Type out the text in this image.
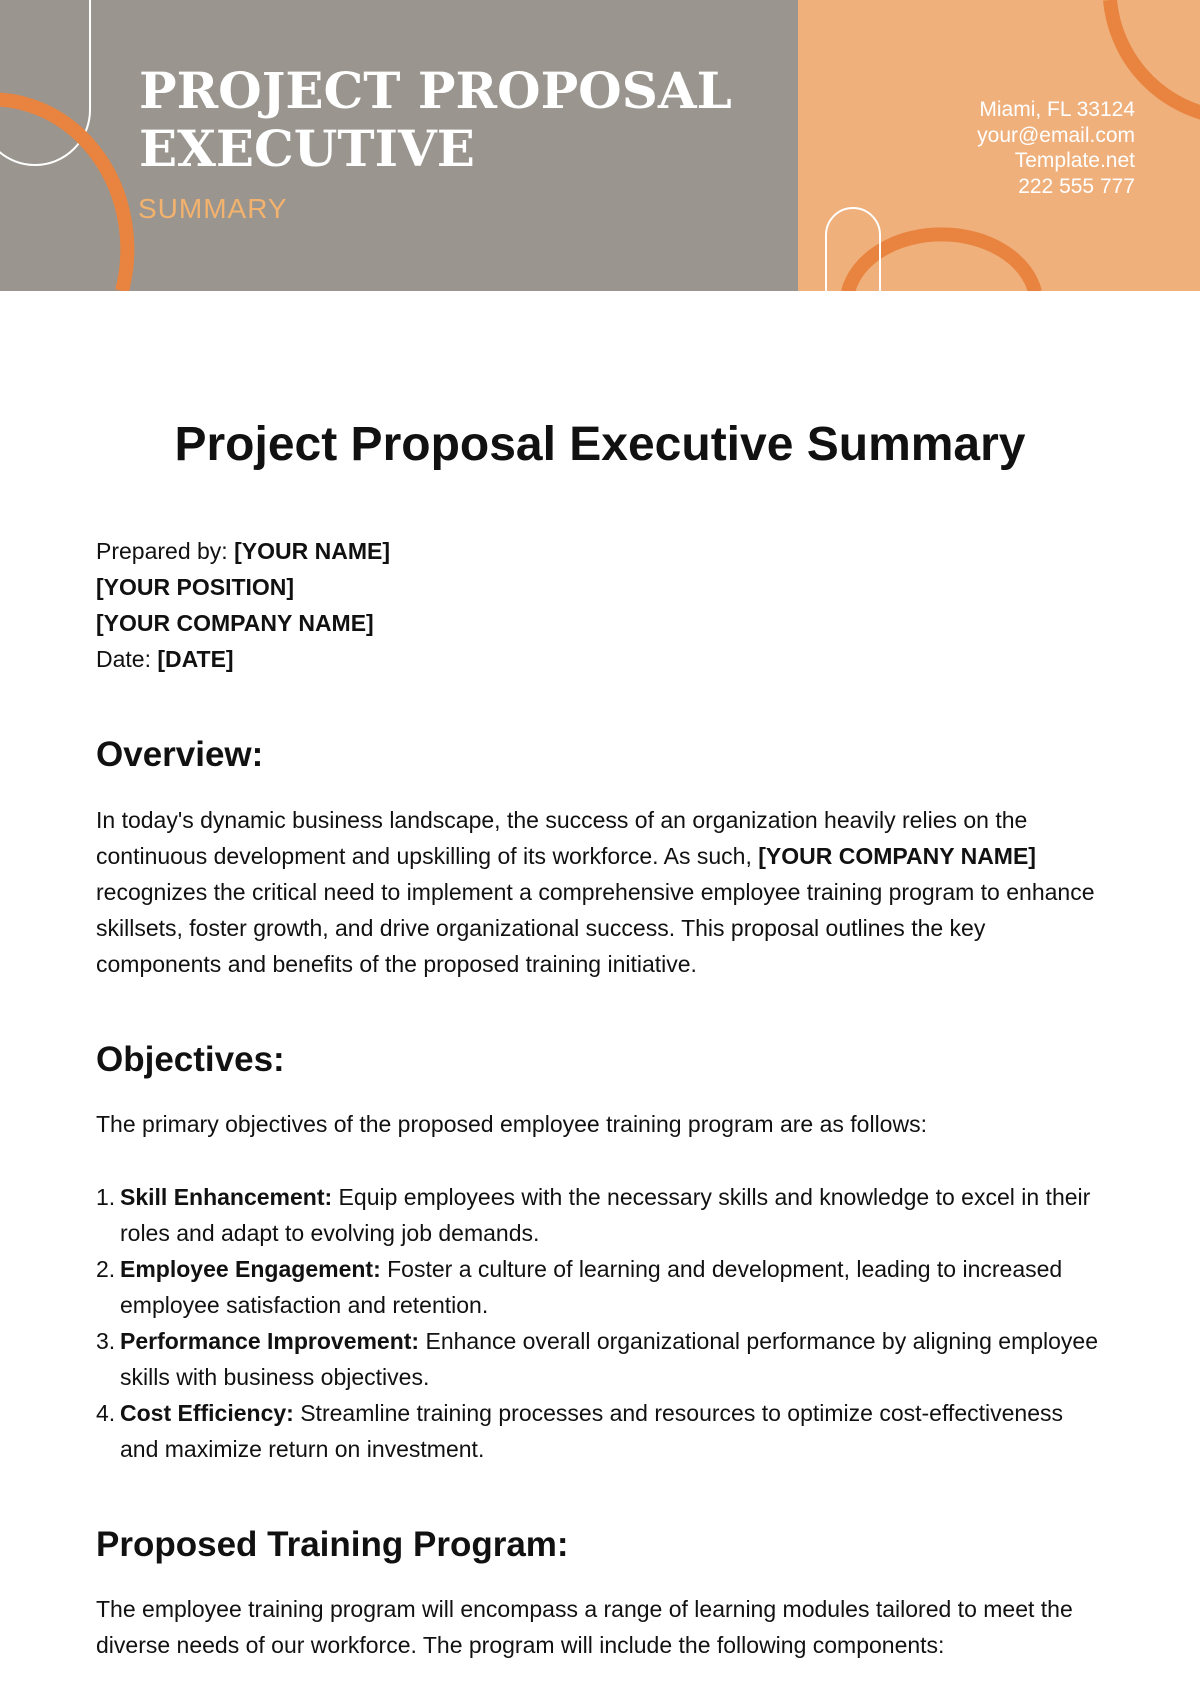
PROJECT PROPOSAL
EXECUTIVE
SUMMARY
Miami, FL 33124
your@email.com
Template.net
222 555 777
Project Proposal Executive Summary
Prepared by: [YOUR NAME]
[YOUR POSITION]
[YOUR COMPANY NAME]
Date: [DATE]
Overview:

In today's dynamic business landscape, the success of an organization heavily relies on the continuous development and upskilling of its workforce. As such, [YOUR COMPANY NAME] recognizes the critical need to implement a comprehensive employee training program to enhance skillsets, foster growth, and drive organizational success. This proposal outlines the key components and benefits of the proposed training initiative.

Objectives:

The primary objectives of the proposed employee training program are as follows:

1. Skill Enhancement: Equip employees with the necessary skills and knowledge to excel in their roles and adapt to evolving job demands.
2. Employee Engagement: Foster a culture of learning and development, leading to increased employee satisfaction and retention.
3. Performance Improvement: Enhance overall organizational performance by aligning employee skills with business objectives.
4. Cost Efficiency: Streamline training processes and resources to optimize cost-effectiveness and maximize return on investment.
Proposed Training Program:

The employee training program will encompass a range of learning modules tailored to meet the diverse needs of our workforce. The program will include the following components:
